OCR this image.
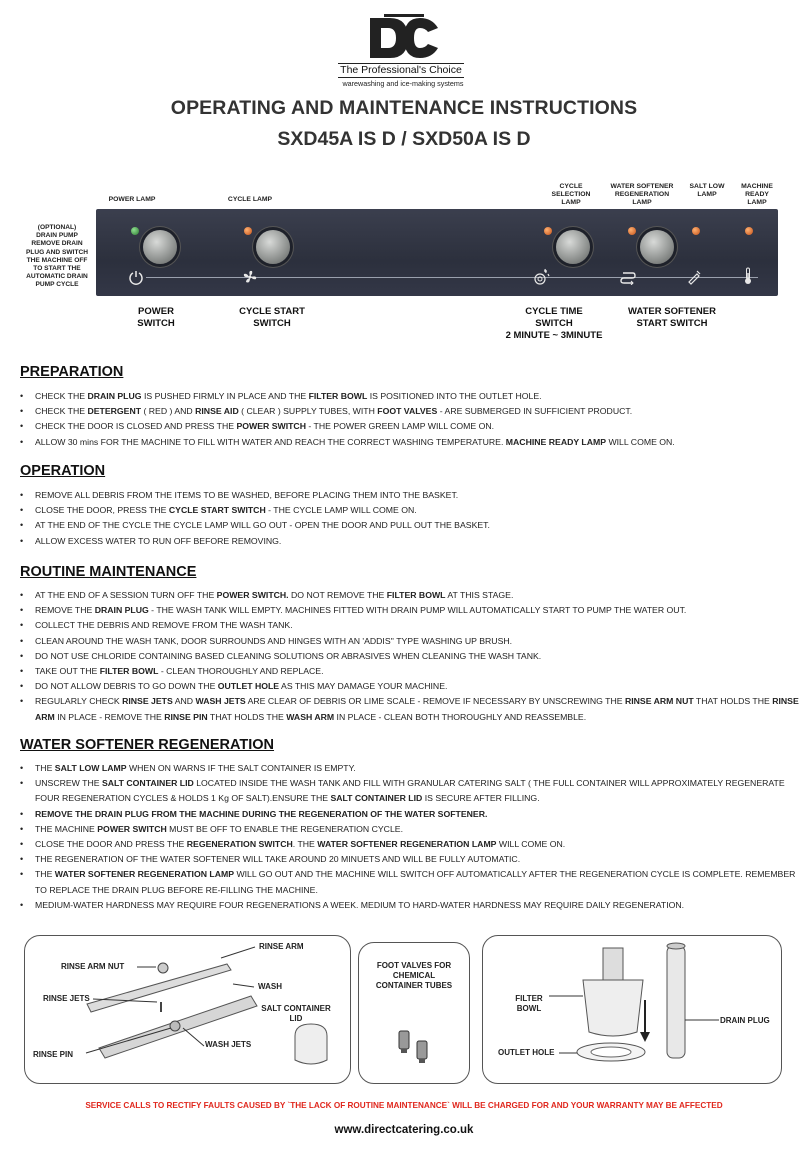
The Professional's Choice
warewashing and ice-making systems
OPERATING AND MAINTENANCE INSTRUCTIONS
SXD45A IS D / SXD50A IS D
POWER LAMP	CYCLE LAMP
CYCLE
SELECTION
LAMP
WATER SOFTENER
REGENERATION
LAMP
SALT LOW
LAMP
MACHINE
READY
LAMP
(OPTIONAL)
DRAIN PUMP
REMOVE DRAIN
PLUG AND SWITCH
THE MACHINE OFF
TO START THE
AUTOMATIC DRAIN
PUMP CYCLE
POWER
SWITCH
CYCLE START
SWITCH
CYCLE TIME
SWITCH
2 MINUTE ~ 3MINUTE
WATER SOFTENER
START SWITCH
PREPARATION
• CHECK THE DRAIN PLUG IS PUSHED FIRMLY IN PLACE AND THE FILTER BOWL IS POSITIONED INTO THE OUTLET HOLE.
• CHECK THE DETERGENT ( RED ) AND RINSE AID ( CLEAR ) SUPPLY TUBES, WITH FOOT VALVES - ARE SUBMERGED IN SUFFICIENT PRODUCT.
• CHECK THE DOOR IS CLOSED AND PRESS THE POWER SWITCH - THE POWER GREEN LAMP WILL COME ON.
• ALLOW 30 mins FOR THE MACHINE TO FILL WITH WATER AND REACH THE CORRECT WASHING TEMPERATURE. MACHINE READY LAMP WILL COME ON.
OPERATION
• REMOVE ALL DEBRIS FROM THE ITEMS TO BE WASHED, BEFORE PLACING THEM INTO THE BASKET.
• CLOSE THE DOOR, PRESS THE CYCLE START SWITCH - THE CYCLE LAMP WILL COME ON.
• AT THE END OF THE CYCLE THE CYCLE LAMP WILL GO OUT - OPEN THE DOOR AND PULL OUT THE BASKET.
• ALLOW EXCESS WATER TO RUN OFF BEFORE REMOVING.
ROUTINE MAINTENANCE
• AT THE END OF A SESSION TURN OFF THE POWER SWITCH. DO NOT REMOVE THE FILTER BOWL AT THIS STAGE.
• REMOVE THE DRAIN PLUG - THE WASH TANK WILL EMPTY. MACHINES FITTED WITH DRAIN PUMP WILL AUTOMATICALLY START TO PUMP THE WATER OUT.
• COLLECT THE DEBRIS AND REMOVE FROM THE WASH TANK.
• CLEAN AROUND THE WASH TANK, DOOR SURROUNDS AND HINGES WITH AN 'ADDIS'' TYPE WASHING UP BRUSH.
• DO NOT USE CHLORIDE CONTAINING BASED CLEANING SOLUTIONS OR ABRASIVES WHEN CLEANING THE WASH TANK.
• TAKE OUT THE FILTER BOWL - CLEAN THOROUGHLY AND REPLACE.
• DO NOT ALLOW DEBRIS TO GO DOWN THE OUTLET HOLE AS THIS MAY DAMAGE YOUR MACHINE.
• REGULARLY CHECK RINSE JETS AND WASH JETS ARE CLEAR OF DEBRIS OR LIME SCALE - REMOVE IF NECESSARY BY UNSCREWING THE RINSE ARM NUT THAT HOLDS THE RINSE ARM IN PLACE - REMOVE THE RINSE PIN THAT HOLDS THE WASH ARM IN PLACE - CLEAN BOTH THOROUGHLY AND REASSEMBLE.
WATER SOFTENER REGENERATION
• THE SALT LOW LAMP WHEN ON WARNS IF THE SALT CONTAINER IS EMPTY.
• UNSCREW THE SALT CONTAINER LID LOCATED INSIDE THE WASH TANK AND FILL WITH GRANULAR CATERING SALT ( THE FULL CONTAINER WILL APPROXIMATELY REGENERATE FOUR REGENERATION CYCLES & HOLDS 1 Kg OF SALT).ENSURE THE SALT CONTAINER LID IS SECURE AFTER FILLING.
• REMOVE THE DRAIN PLUG FROM THE MACHINE DURING THE REGENERATION OF THE WATER SOFTENER.
• THE MACHINE POWER SWITCH MUST BE OFF TO ENABLE THE REGENERATION CYCLE.
• CLOSE THE DOOR AND PRESS THE REGENERATION SWITCH. THE WATER SOFTENER REGENERATION LAMP WILL COME ON.
• THE REGENERATION OF THE WATER SOFTENER WILL TAKE AROUND 20 MINUETS AND WILL BE FULLY AUTOMATIC.
• THE WATER SOFTENER REGENERATION LAMP WILL GO OUT AND THE MACHINE WILL SWITCH OFF AUTOMATICALLY AFTER THE REGENERATION CYCLE IS COMPLETE. REMEMBER TO REPLACE THE DRAIN PLUG BEFORE RE-FILLING THE MACHINE.
• MEDIUM-WATER HARDNESS MAY REQUIRE FOUR REGENERATIONS A WEEK. MEDIUM TO HARD-WATER HARDNESS MAY REQUIRE DAILY REGENERATION.
RINSE ARM
RINSE ARM NUT
WASH
RINSE JETS
SALT CONTAINER
LID
WASH JETS
RINSE PIN
FOOT VALVES FOR
CHEMICAL
CONTAINER TUBES
FILTER
BOWL
DRAIN PLUG
OUTLET HOLE
SERVICE CALLS TO RECTIFY FAULTS CAUSED BY `THE LACK OF ROUTINE MAINTENANCE` WILL BE CHARGED FOR AND YOUR WARRANTY MAY BE AFFECTED
www.directcatering.co.uk
